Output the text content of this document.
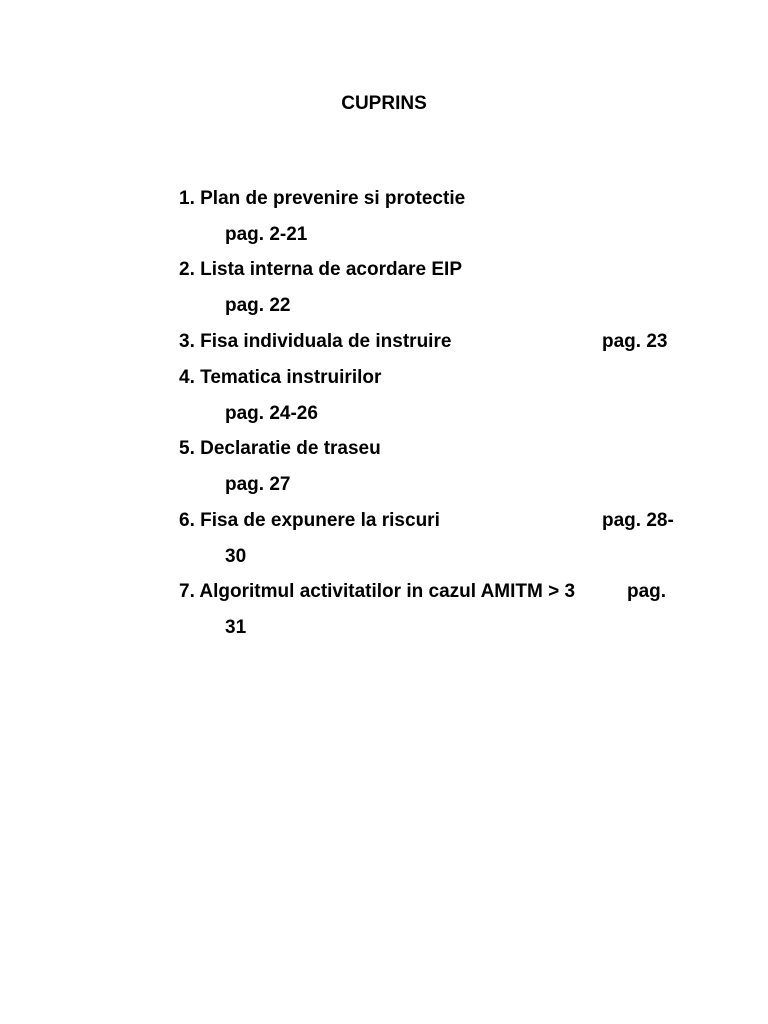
CUPRINS
1. Plan de prevenire si protectie
pag. 2-21
2. Lista interna de acordare EIP
pag. 22
3. Fisa individuala de instruire	pag. 23
4. Tematica instruirilor
pag. 24-26
5. Declaratie de traseu
pag. 27
6. Fisa de expunere la riscuri	pag. 28-
30
7. Algoritmul activitatilor in cazul AMITM > 3	pag.
31
